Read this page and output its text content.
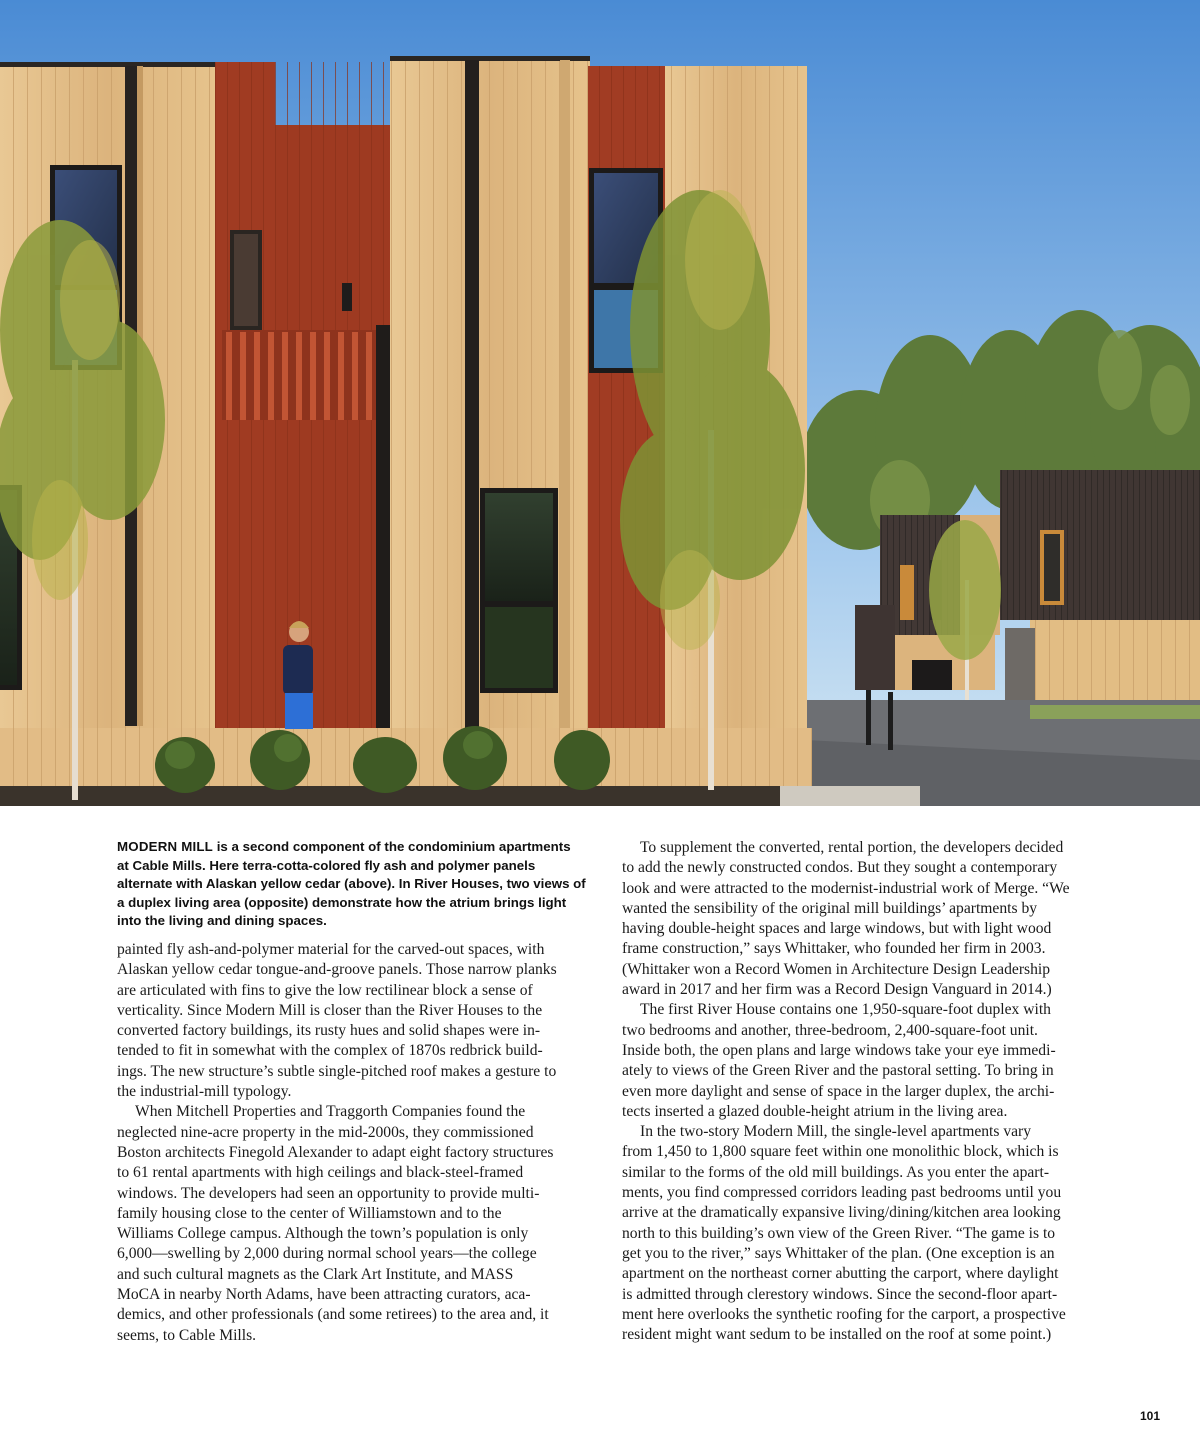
MODERN MILL is a second component of the condominium apartments
at Cable Mills. Here terra-cotta-colored fly ash and polymer panels
alternate with Alaskan yellow cedar (above). In River Houses, two views of
a duplex living area (opposite) demonstrate how the atrium brings light
into the living and dining spaces.

painted fly ash-and-polymer material for the carved-out spaces, with
Alaskan yellow cedar tongue-and-groove panels. Those narrow planks
are articulated with fins to give the low rectilinear block a sense of
verticality. Since Modern Mill is closer than the River Houses to the
converted factory buildings, its rusty hues and solid shapes were in-
tended to fit in somewhat with the complex of 1870s redbrick build-
ings. The new structure’s subtle single-pitched roof makes a gesture to
the industrial-mill typology.

When Mitchell Properties and Traggorth Companies found the
neglected nine-acre property in the mid-2000s, they commissioned
Boston architects Finegold Alexander to adapt eight factory structures
to 61 rental apartments with high ceilings and black-steel-framed
windows. The developers had seen an opportunity to provide multi-
family housing close to the center of Williamstown and to the
Williams College campus. Although the town’s population is only
6,000—swelling by 2,000 during normal school years—the college
and such cultural magnets as the Clark Art Institute, and MASS
MoCA in nearby North Adams, have been attracting curators, aca-
demics, and other professionals (and some retirees) to the area and, it
seems, to Cable Mills.

To supplement the converted, rental portion, the developers decided
to add the newly constructed condos. But they sought a contemporary
look and were attracted to the modernist-industrial work of Merge. “We
wanted the sensibility of the original mill buildings’ apartments by
having double-height spaces and large windows, but with light wood
frame construction,” says Whittaker, who founded her firm in 2003.
(Whittaker won a Record Women in Architecture Design Leadership
award in 2017 and her firm was a Record Design Vanguard in 2014.)

The first River House contains one 1,950-square-foot duplex with
two bedrooms and another, three-bedroom, 2,400-square-foot unit.
Inside both, the open plans and large windows take your eye immedi-
ately to views of the Green River and the pastoral setting. To bring in
even more daylight and sense of space in the larger duplex, the archi-
tects inserted a glazed double-height atrium in the living area.

In the two-story Modern Mill, the single-level apartments vary
from 1,450 to 1,800 square feet within one monolithic block, which is
similar to the forms of the old mill buildings. As you enter the apart-
ments, you find compressed corridors leading past bedrooms until you
arrive at the dramatically expansive living/dining/kitchen area looking
north to this building’s own view of the Green River. “The game is to
get you to the river,” says Whittaker of the plan. (One exception is an
apartment on the northeast corner abutting the carport, where daylight
is admitted through clerestory windows. Since the second-floor apart-
ment here overlooks the synthetic roofing for the carport, a prospective
resident might want sedum to be installed on the roof at some point.)

101
